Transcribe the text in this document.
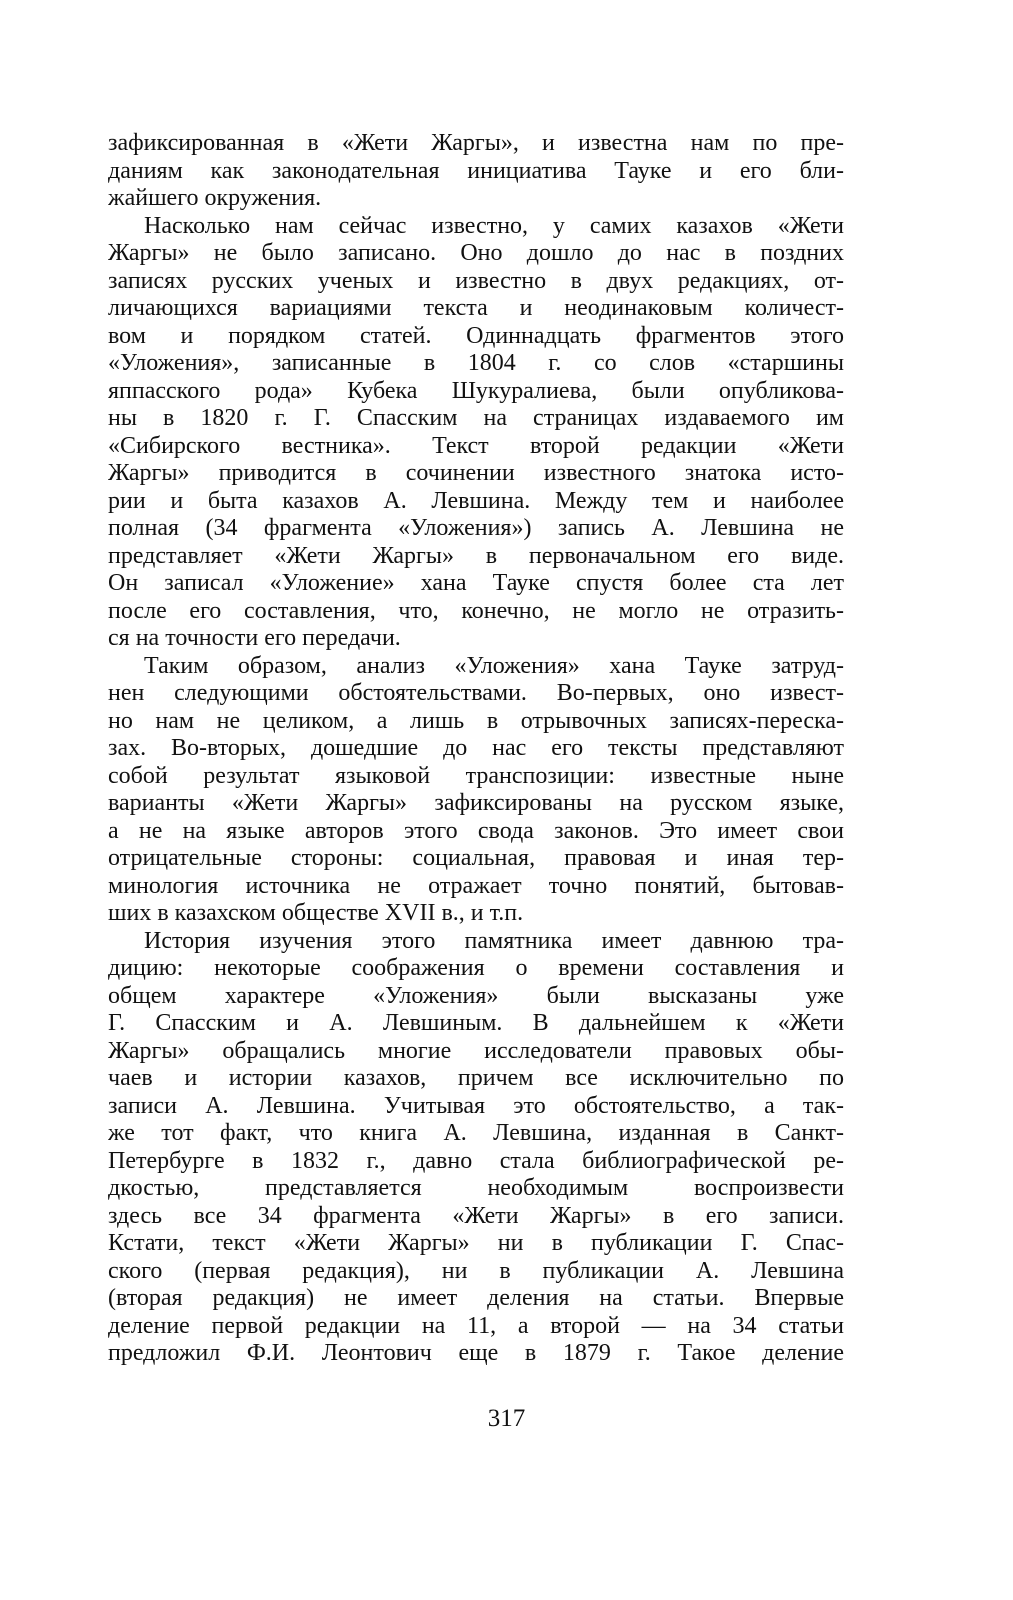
зафиксированная в «Жети Жаргы», и известна нам по пре-
даниям как законодательная инициатива Тауке и его бли-
жайшего окружения.
Насколько нам сейчас известно, у самих казахов «Жети
Жаргы» не было записано. Оно дошло до нас в поздних
записях русских ученых и известно в двух редакциях, от-
личающихся вариациями текста и неодинаковым количест-
вом и порядком статей. Одиннадцать фрагментов этого
«Уложения», записанные в 1804 г. со слов «старшины
яппасского рода» Кубека Шукуралиева, были опубликова-
ны в 1820 г. Г. Спасским на страницах издаваемого им
«Сибирского вестника». Текст второй редакции «Жети
Жаргы» приводится в сочинении известного знатока исто-
рии и быта казахов А. Левшина. Между тем и наиболее
полная (34 фрагмента «Уложения») запись А. Левшина не
представляет «Жети Жаргы» в первоначальном его виде.
Он записал «Уложение» хана Тауке спустя более ста лет
после его составления, что, конечно, не могло не отразить-
ся на точности его передачи.
Таким образом, анализ «Уложения» хана Тауке затруд-
нен следующими обстоятельствами. Во-первых, оно извест-
но нам не целиком, а лишь в отрывочных записях-переска-
зах. Во-вторых, дошедшие до нас его тексты представляют
собой результат языковой транспозиции: известные ныне
варианты «Жети Жаргы» зафиксированы на русском языке,
а не на языке авторов этого свода законов. Это имеет свои
отрицательные стороны: социальная, правовая и иная тер-
минология источника не отражает точно понятий, бытовав-
ших в казахском обществе XVII в., и т.п.
История изучения этого памятника имеет давнюю тра-
дицию: некоторые соображения о времени составления и
общем характере «Уложения» были высказаны уже
Г. Спасским и А. Левшиным. В дальнейшем к «Жети
Жаргы» обращались многие исследователи правовых обы-
чаев и истории казахов, причем все исключительно по
записи А. Левшина. Учитывая это обстоятельство, а так-
же тот факт, что книга А. Левшина, изданная в Санкт-
Петербурге в 1832 г., давно стала библиографической ре-
дкостью, представляется необходимым воспроизвести
здесь все 34 фрагмента «Жети Жаргы» в его записи.
Кстати, текст «Жети Жаргы» ни в публикации Г. Спас-
ского (первая редакция), ни в публикации А. Левшина
(вторая редакция) не имеет деления на статьи. Впервые
деление первой редакции на 11, а второй — на 34 статьи
предложил Ф.И. Леонтович еще в 1879 г. Такое деление
317
